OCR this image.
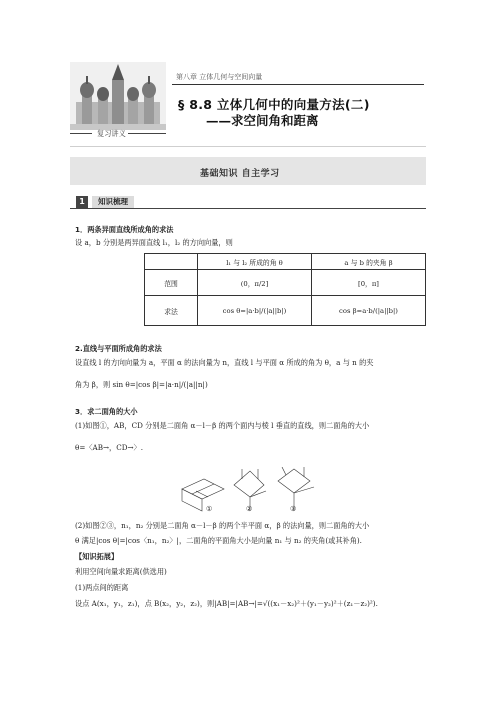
第八章 立体几何与空间向量
§ 8.8 立体几何中的向量方法(二)
——求空间角和距离
复习讲义
基础知识 自主学习
1	知识梳理
1．两条异面直线所成角的求法
设 a，b 分别是两异面直线 l₁，l₂ 的方向向量，则
	l₁ 与 l₂ 所成的角 θ	a 与 b 的夹角 β
范围	(0，π/2]	[0，π]
求法	cos θ=|a·b|/(|a||b|)	cos β=a·b/(|a||b|)
2.直线与平面所成角的求法
设直线 l 的方向向量为 a，平面 α 的法向量为 n，直线 l 与平面 α 所成的角为 θ，a 与 n 的夹
角为 β，则 sin θ=|cos β|=|a·n|/(|a||n|)
3．求二面角的大小
(1)如图①，AB，CD 分别是二面角 α－l－β 的两个面内与棱 l 垂直的直线，则二面角的大小
θ=〈AB→，CD→〉.
①	②	③
(2)如图②③，n₁，n₂ 分别是二面角 α－l－β 的两个半平面 α，β 的法向量，则二面角的大小
θ 满足|cos θ|=|cos〈n₁，n₂〉|，二面角的平面角大小是向量 n₁ 与 n₂ 的夹角(或其补角).
【知识拓展】
利用空间向量求距离(供选用)
(1)两点间的距离
设点 A(x₁，y₁，z₁)，点 B(x₂，y₂，z₂)，则|AB|=|AB→|=√((x₁－x₂)²＋(y₁－y₂)²＋(z₁－z₂)²).
